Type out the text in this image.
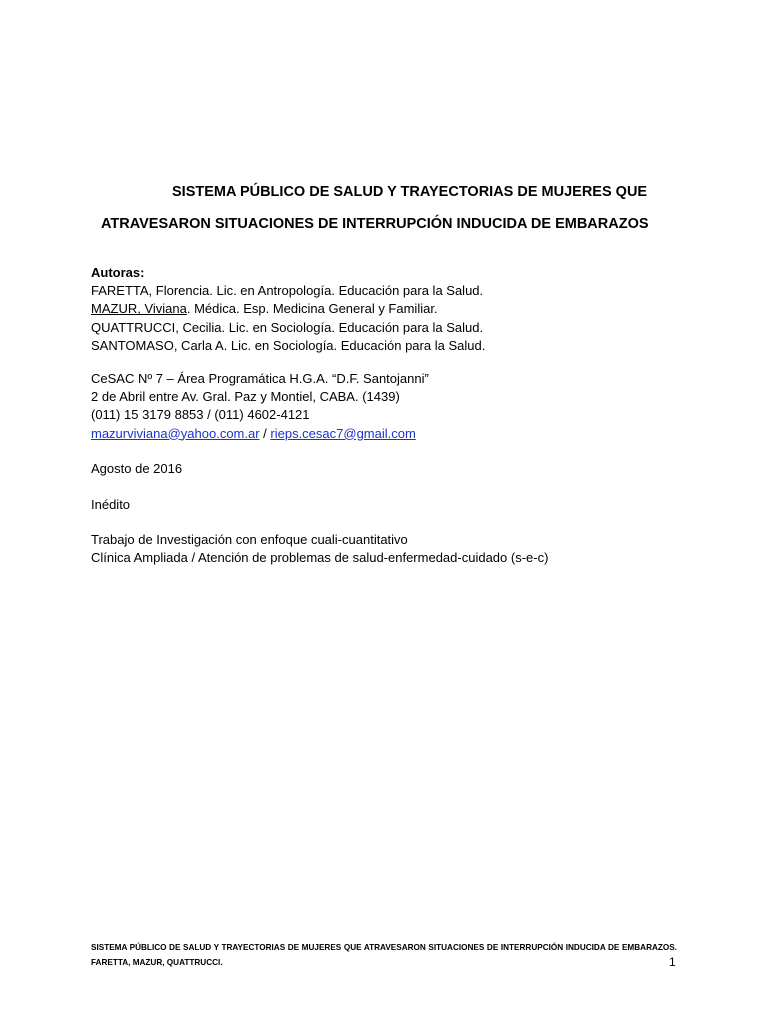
SISTEMA PÚBLICO DE SALUD Y TRAYECTORIAS DE MUJERES QUE
ATRAVESARON SITUACIONES DE INTERRUPCIÓN INDUCIDA DE EMBARAZOS
Autoras:
FARETTA, Florencia. Lic. en Antropología. Educación para la Salud.
MAZUR, Viviana. Médica. Esp. Medicina General y Familiar.
QUATTRUCCI, Cecilia. Lic. en Sociología. Educación para la Salud.
SANTOMASO, Carla A. Lic. en Sociología. Educación para la Salud.
CeSAC Nº 7 – Área Programática H.G.A. “D.F. Santojanni”
2 de Abril entre Av. Gral. Paz y Montiel, CABA. (1439)
(011) 15 3179 8853 / (011) 4602-4121
mazurviviana@yahoo.com.ar / rieps.cesac7@gmail.com
Agosto de 2016
Inédito
Trabajo de Investigación con enfoque cuali-cuantitativo
Clínica Ampliada / Atención de problemas de salud-enfermedad-cuidado (s-e-c)
SISTEMA PÚBLICO DE SALUD Y TRAYECTORIAS DE MUJERES QUE ATRAVESARON SITUACIONES DE INTERRUPCIÓN INDUCIDA DE EMBARAZOS. FARETTA, MAZUR, QUATTRUCCI.	1
